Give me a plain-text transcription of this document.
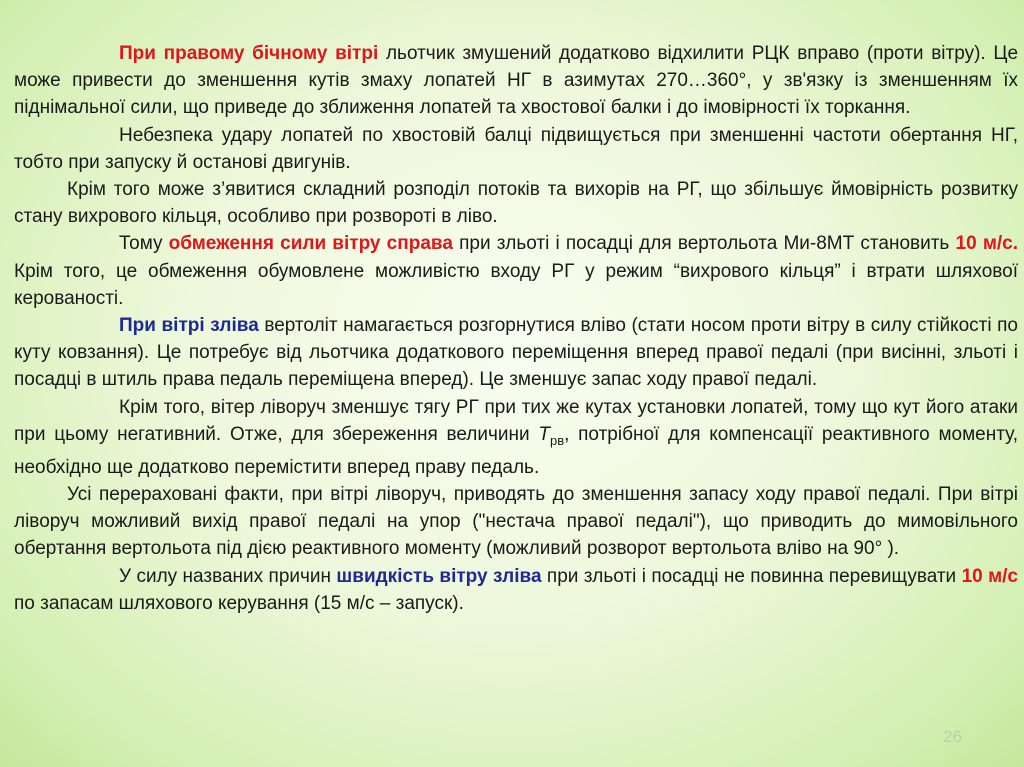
При правому бічному вітрі льотчик змушений додатково відхилити РЦК вправо (проти вітру). Це може привести до зменшення кутів змаху лопатей НГ в азимутах 270…360°, у зв'язку із зменшенням їх піднімальної сили, що приведе до зближення лопатей та хвостової балки і до імовірності їх торкання.

Небезпека удару лопатей по хвостовій балці підвищується при зменшенні частоти обертання НГ, тобто при запуску й останові двигунів.

Крім того може з’явитися складний розподіл потоків та вихорів на РГ, що збільшує ймовірність розвитку стану вихрового кільця, особливо при розвороті в ліво.

Тому обмеження сили вітру справа при зльоті і посадці для вертольота Ми-8МТ становить 10 м/с. Крім того, це обмеження обумовлене можливістю входу РГ у режим “вихрового кільця” і втрати шляхової керованості.

При вітрі зліва вертоліт намагається розгорнутися вліво (стати носом проти вітру в силу стійкості по куту ковзання). Це потребує від льотчика додаткового переміщення вперед правої педалі (при висінні, зльоті і посадці в штиль права педаль переміщена вперед). Це зменшує запас ходу правої педалі.

Крім того, вітер ліворуч зменшує тягу РГ при тих же кутах установки лопатей, тому що кут його атаки при цьому негативний. Отже, для збереження величини $Т_{рв}$, потрібної для компенсації реактивного моменту, необхідно ще додатково перемістити вперед праву педаль.

Усі перераховані факти, при вітрі ліворуч, приводять до зменшення запасу ходу правої педалі. При вітрі ліворуч можливий вихід правої педалі на упор ("нестача правої педалі"), що приводить до мимовільного обертання вертольота під дією реактивного моменту (можливий розворот вертольота вліво на 90° ).

У силу названих причин швидкість вітру зліва при зльоті і посадці не повинна перевищувати 10 м/с по запасам шляхового керування (15 м/с – запуск).

26
